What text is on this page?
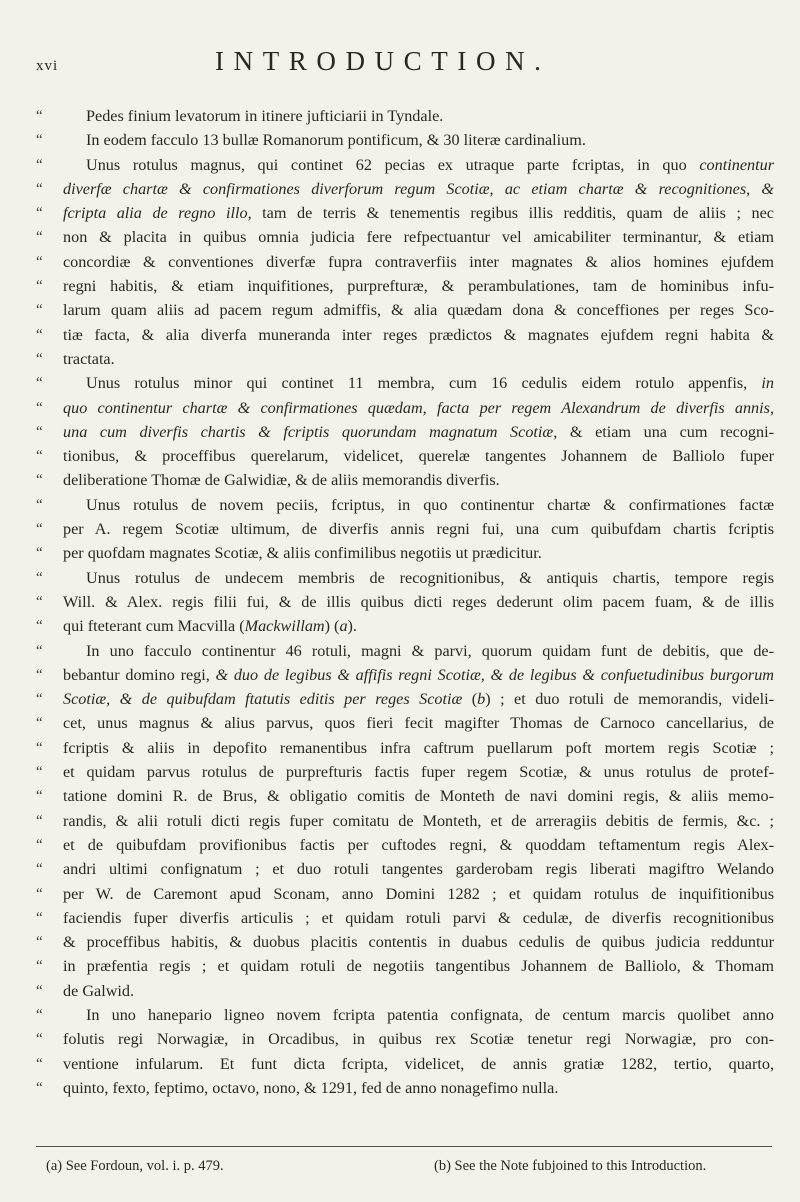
xvi	INTRODUCTION.
“	Pedes finium levatorum in itinere jufticiarii in Tyndale.
“	In eodem facculo 13 bullæ Romanorum pontificum, & 30 literæ cardinalium.
“	Unus rotulus magnus, qui continet 62 pecias ex utraque parte fcriptas, in quo continentur
“	diverfæ chartæ & confirmationes diverforum regum Scotiæ, ac etiam chartæ & recognitiones, &
“	fcripta alia de regno illo, tam de terris & tenementis regibus illis redditis, quam de aliis ; nec
“	non & placita in quibus omnia judicia fere refpectuantur vel amicabiliter terminantur, & etiam
“	concordiæ & conventiones diverfæ fupra contraverfiis inter magnates & alios homines ejufdem
“	regni habitis, & etiam inquifitiones, purprefturæ, & perambulationes, tam de hominibus infu-
“	larum quam aliis ad pacem regum admiffis, & alia quædam dona & conceffiones per reges Sco-
“	tiæ facta, & alia diverfa muneranda inter reges prædictos & magnates ejufdem regni habita &
“	tractata.
“	Unus rotulus minor qui continet 11 membra, cum 16 cedulis eidem rotulo appenfis, in
“	quo continentur chartæ & confirmationes quædam, facta per regem Alexandrum de diverfis annis,
“	una cum diverfis chartis & fcriptis quorundam magnatum Scotiæ, & etiam una cum recogni-
“	tionibus, & proceffibus querelarum, videlicet, querelæ tangentes Johannem de Balliolo fuper
“	deliberatione Thomæ de Galwidiæ, & de aliis memorandis diverfis.
“	Unus rotulus de novem peciis, fcriptus, in quo continentur chartæ & confirmationes factæ
“	per A. regem Scotiæ ultimum, de diverfis annis regni fui, una cum quibufdam chartis fcriptis
“	per quofdam magnates Scotiæ, & aliis confimilibus negotiis ut prædicitur.
“	Unus rotulus de undecem membris de recognitionibus, & antiquis chartis, tempore regis
“	Will. & Alex. regis filii fui, & de illis quibus dicti reges dederunt olim pacem fuam, & de illis
“	qui fteterant cum Macvilla (Mackwillam) (a).
“	In uno facculo continentur 46 rotuli, magni & parvi, quorum quidam funt de debitis, que de-
“	bebantur domino regi, & duo de legibus & affifis regni Scotiæ, & de legibus & confuetudinibus burgorum
“	Scotiæ, & de quibufdam ftatutis editis per reges Scotiæ (b) ; et duo rotuli de memorandis, videli-
“	cet, unus magnus & alius parvus, quos fieri fecit magifter Thomas de Carnoco cancellarius, de
“	fcriptis & aliis in depofito remanentibus infra caftrum puellarum poft mortem regis Scotiæ ;
“	et quidam parvus rotulus de purprefturis factis fuper regem Scotiæ, & unus rotulus de protef-
“	tatione domini R. de Brus, & obligatio comitis de Monteth de navi domini regis, & aliis memo-
“	randis, & alii rotuli dicti regis fuper comitatu de Monteth, et de arreragiis debitis de fermis, &c. ;
“	et de quibufdam provifionibus factis per cuftodes regni, & quoddam teftamentum regis Alex-
“	andri ultimi confignatum ; et duo rotuli tangentes garderobam regis liberati magiftro Welando
“	per W. de Caremont apud Sconam, anno Domini 1282 ; et quidam rotulus de inquifitionibus
“	faciendis fuper diverfis articulis ; et quidam rotuli parvi & cedulæ, de diverfis recognitionibus
“	& proceffibus habitis, & duobus placitis contentis in duabus cedulis de quibus judicia redduntur
“	in præfentia regis ; et quidam rotuli de negotiis tangentibus Johannem de Balliolo, & Thomam
“	de Galwid.
“	In uno hanepario ligneo novem fcripta patentia confignata, de centum marcis quolibet anno
“	folutis regi Norwagiæ, in Orcadibus, in quibus rex Scotiæ tenetur regi Norwagiæ, pro con-
“	ventione infularum. Et funt dicta fcripta, videlicet, de annis gratiæ 1282, tertio, quarto,
“	quinto, fexto, feptimo, octavo, nono, & 1291, fed de anno nonagefimo nulla.
(a) See Fordoun, vol. i. p. 479.	(b) See the Note fubjoined to this Introduction.
